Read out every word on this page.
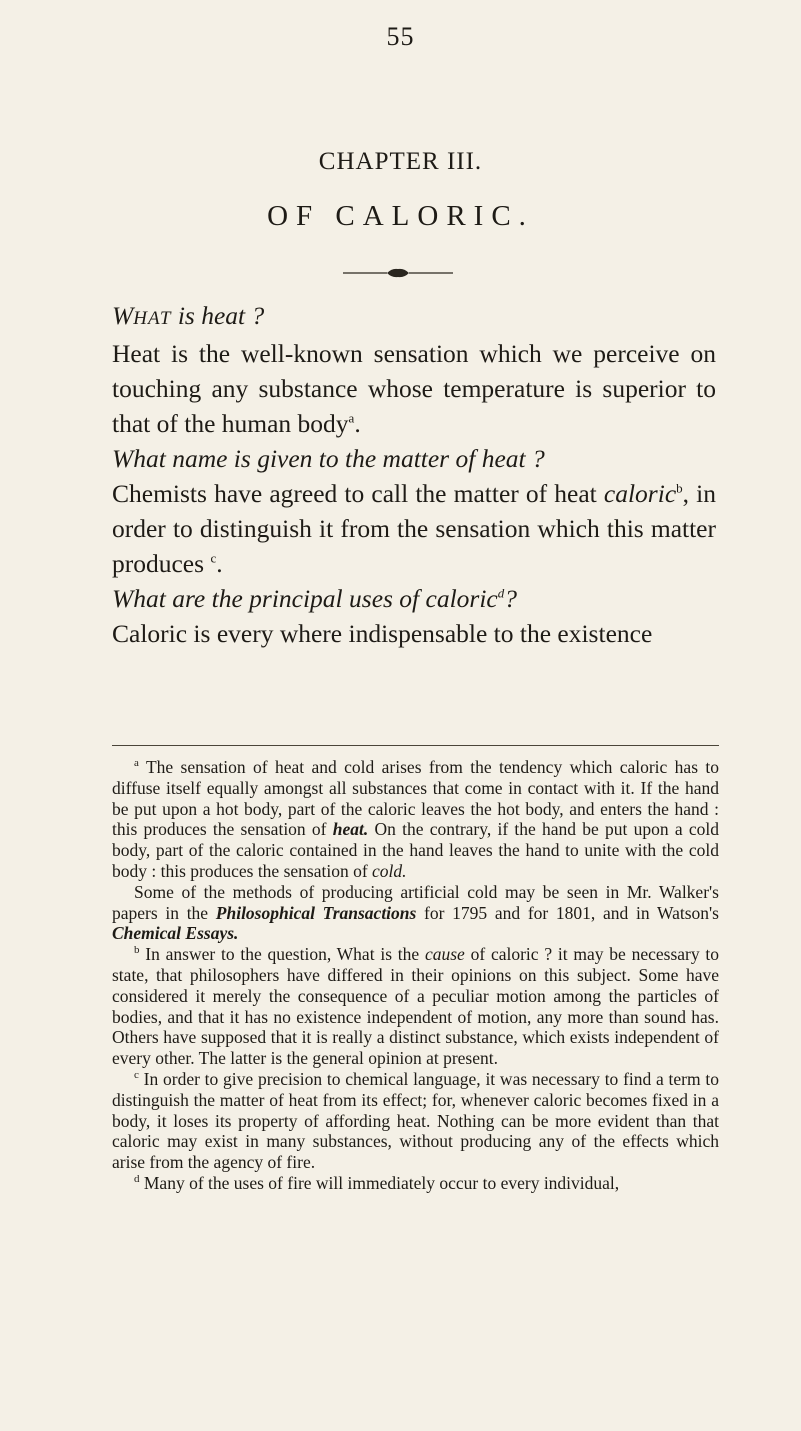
55
CHAPTER III.
OF CALORIC.

WHAT is heat ?

Heat is the well-known sensation which we perceive on touching any substance whose temperature is superior to that of the human body$^a$.

What name is given to the matter of heat ?

Chemists have agreed to call the matter of heat caloric$^b$, in order to distinguish it from the sensation which this matter produces $^c$.

What are the principal uses of caloric$^d$?

Caloric is every where indispensable to the existence

$^a$ The sensation of heat and cold arises from the tendency which caloric has to diffuse itself equally amongst all substances that come in contact with it. If the hand be put upon a hot body, part of the caloric leaves the hot body, and enters the hand : this produces the sensation of heat. On the contrary, if the hand be put upon a cold body, part of the caloric contained in the hand leaves the hand to unite with the cold body : this produces the sensation of cold.

Some of the methods of producing artificial cold may be seen in Mr. Walker's papers in the Philosophical Transactions for 1795 and for 1801, and in Watson's Chemical Essays.

$^b$ In answer to the question, What is the cause of caloric ? it may be necessary to state, that philosophers have differed in their opinions on this subject. Some have considered it merely the consequence of a peculiar motion among the particles of bodies, and that it has no existence independent of motion, any more than sound has. Others have supposed that it is really a distinct substance, which exists independent of every other. The latter is the general opinion at present.

$^c$ In order to give precision to chemical language, it was necessary to find a term to distinguish the matter of heat from its effect; for, whenever caloric becomes fixed in a body, it loses its property of affording heat. Nothing can be more evident than that caloric may exist in many substances, without producing any of the effects which arise from the agency of fire.

$^d$ Many of the uses of fire will immediately occur to every individual,
